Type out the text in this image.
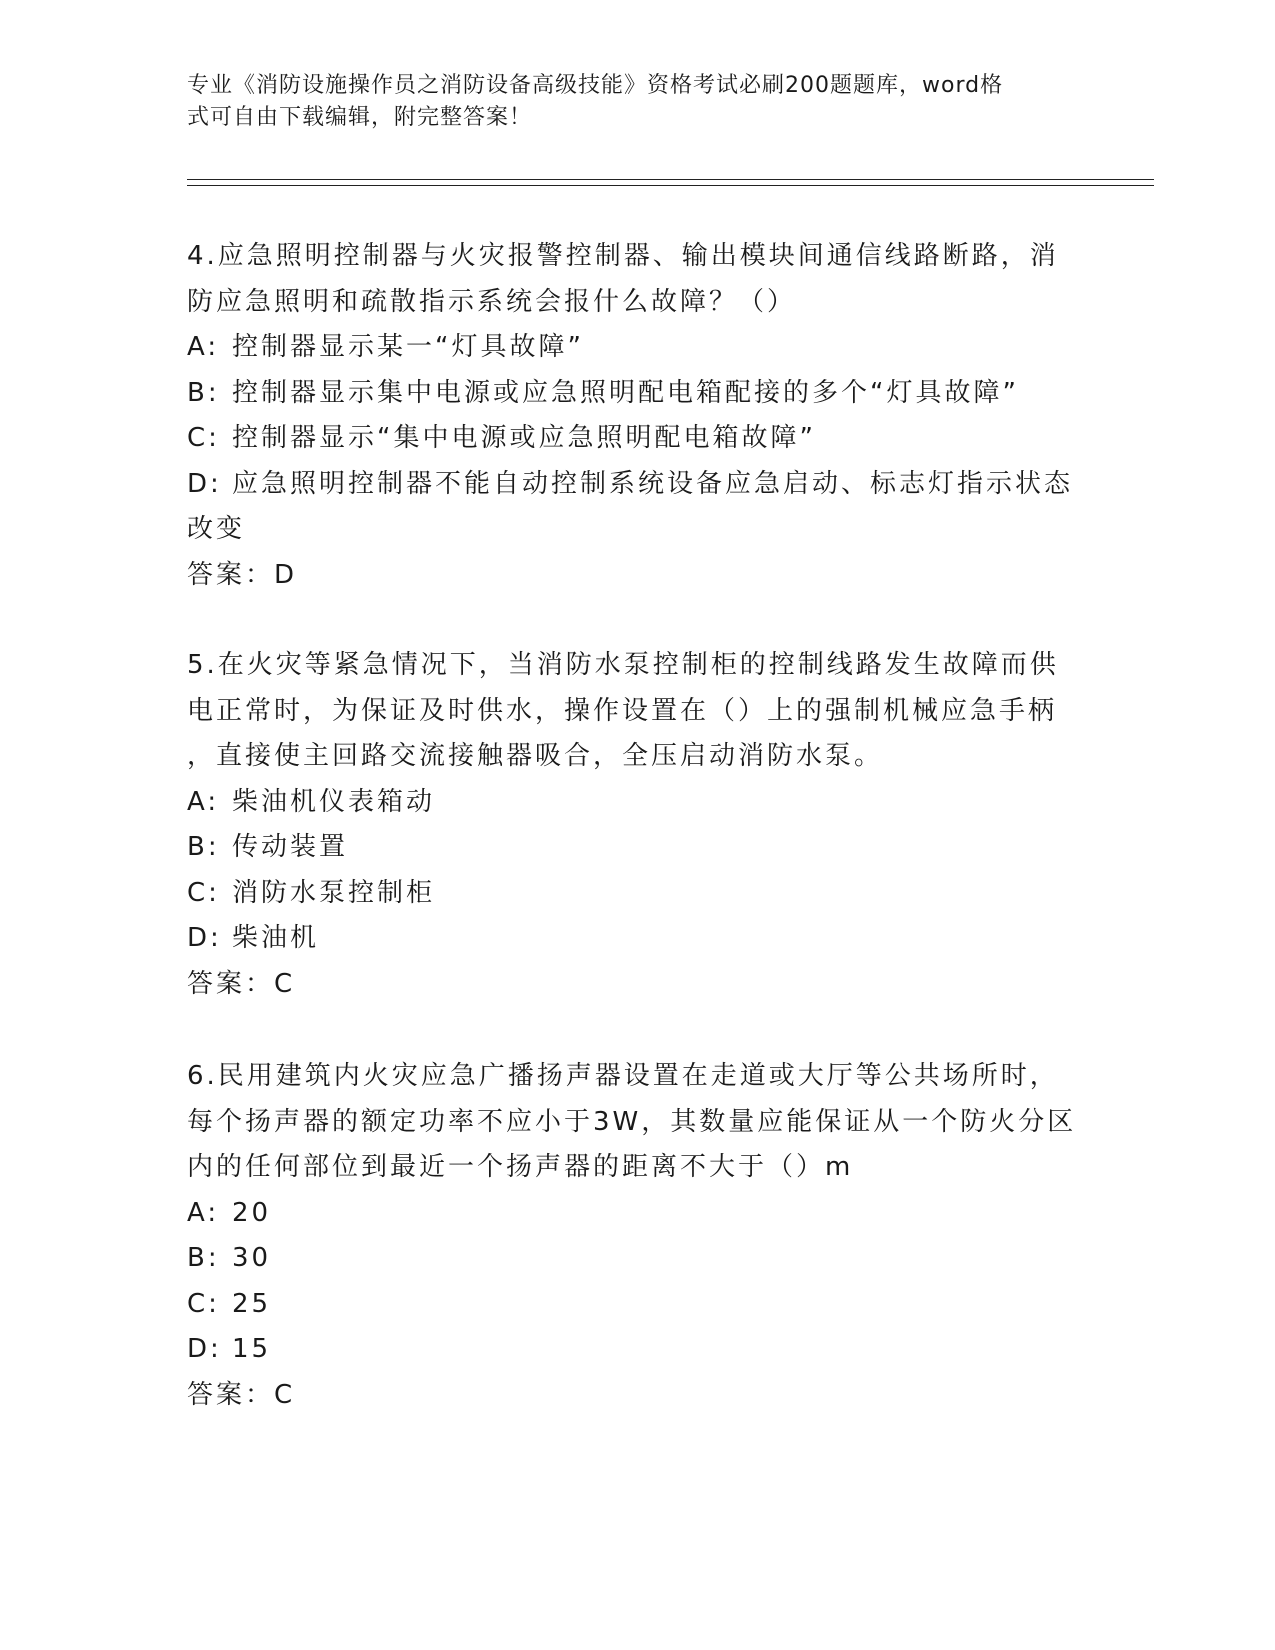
专业《消防设施操作员之消防设备高级技能》资格考试必刷200题题库，word格
式可自由下载编辑，附完整答案！

4.应急照明控制器与火灾报警控制器、输出模块间通信线路断路，消

防应急照明和疏散指示系统会报什么故障？（）

A: 控制器显示某一“灯具故障”

B: 控制器显示集中电源或应急照明配电箱配接的多个“灯具故障”

C: 控制器显示“集中电源或应急照明配电箱故障”

D: 应急照明控制器不能自动控制系统设备应急启动、标志灯指示状态

改变

答案：D

5.在火灾等紧急情况下，当消防水泵控制柜的控制线路发生故障而供

电正常时，为保证及时供水，操作设置在（）上的强制机械应急手柄

，直接使主回路交流接触器吸合，全压启动消防水泵。

A: 柴油机仪表箱动

B: 传动装置

C: 消防水泵控制柜

D: 柴油机

答案：C

6.民用建筑内火灾应急广播扬声器设置在走道或大厅等公共场所时，

每个扬声器的额定功率不应小于3W，其数量应能保证从一个防火分区

内的任何部位到最近一个扬声器的距离不大于（）m

A: 20

B: 30

C: 25

D: 15

答案：C
